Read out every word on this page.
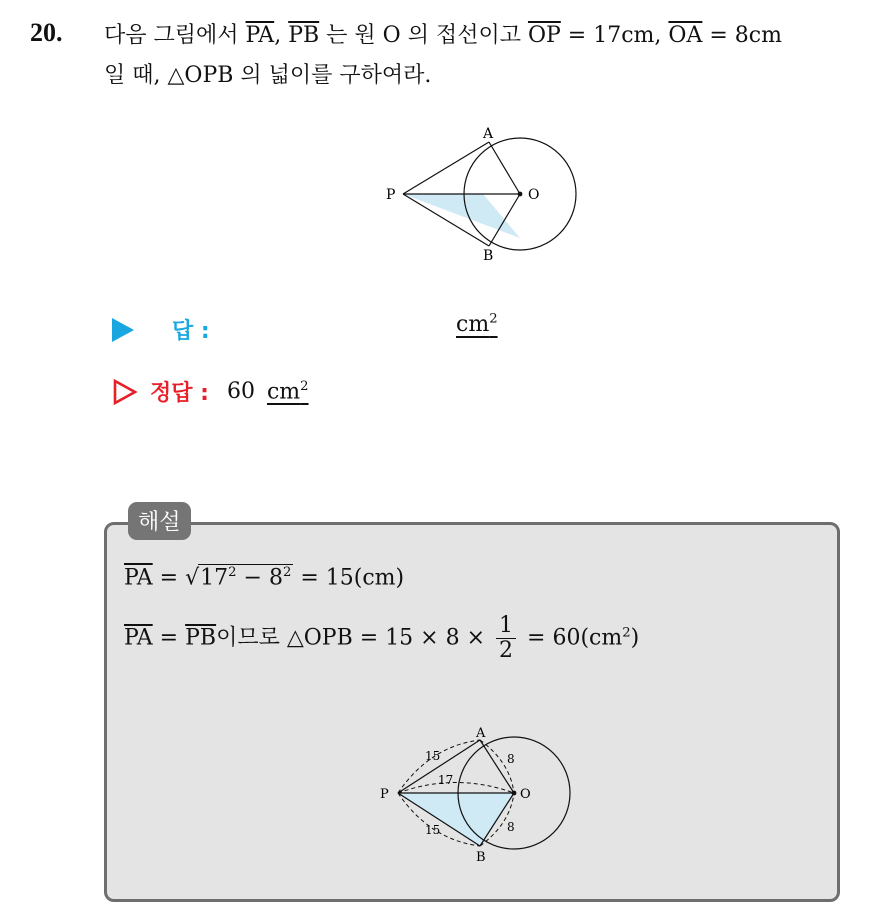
20. 다음 그림에서 $\overline{PA}$, $\overline{PB}$ 는 원 O 의 접선이고 $\overline{OP} = 17cm$, $\overline{OA} = 8cm$
일 때, △OPB 의 넓이를 구하여라.
A
B
P	O
답 :	$cm^2$
정답 : 60 $cm^2$
해설
$\overline{PA} = √17^2 - 8^2 = 15(cm)$
$\overline{PA} = \overline{PB}$이므로 △OPB = $15 \times 8 \times \frac{1}{2} = 60(cm^2)$
A
B
P	O
15
15
17
8
8
